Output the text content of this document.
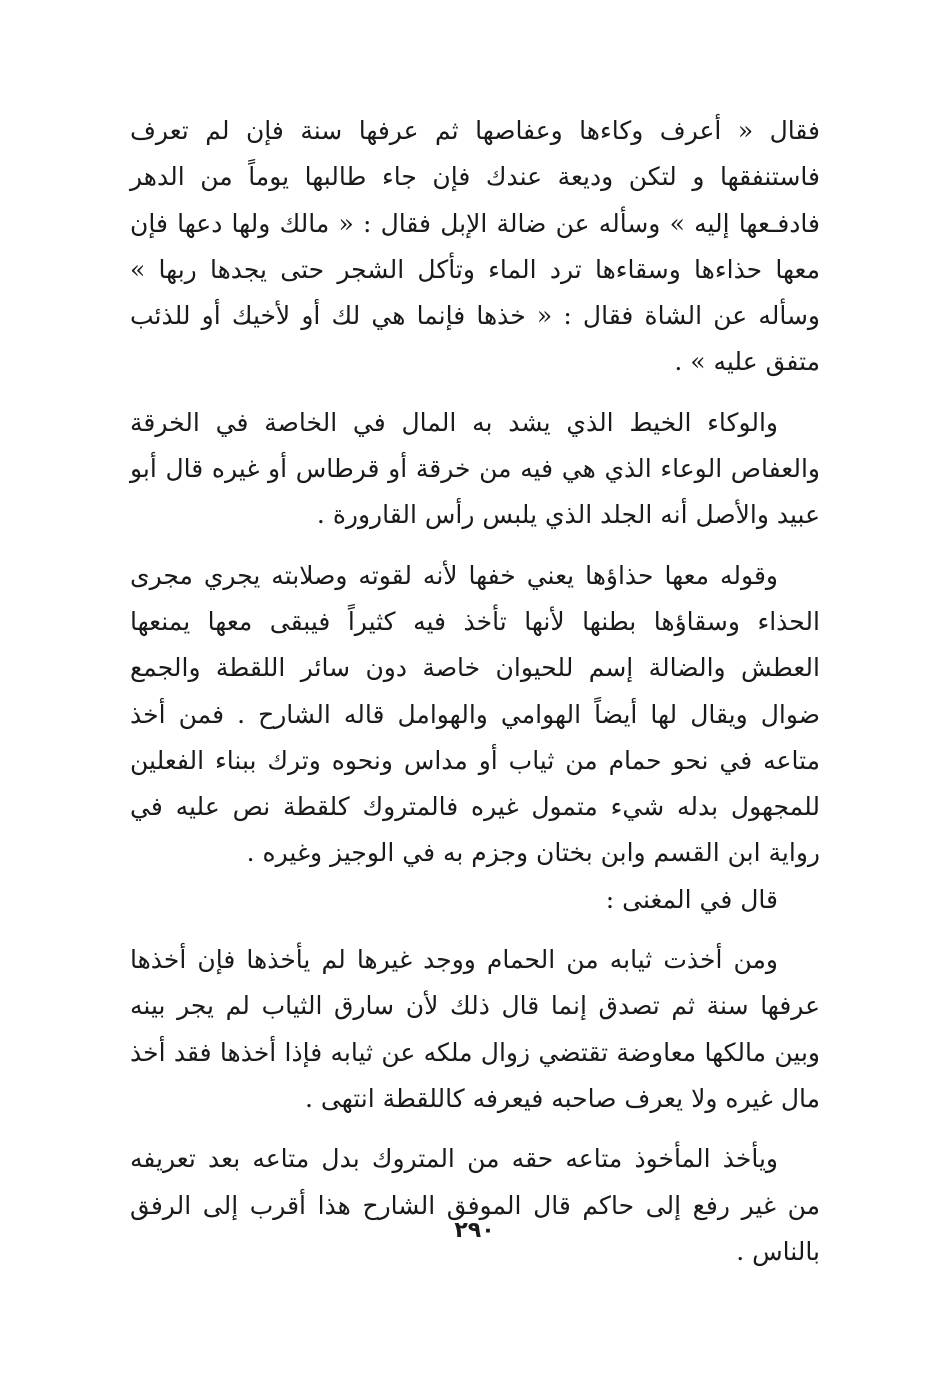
فقال « أعرف وكاءها وعفاصها ثم عرفها سنة فإن لم تعرف فاستنفقها و لتكن وديعة عندك فإن جاء طالبها يوماً من الدهر فادفـعها إليه » وسأله عن ضالة الإبل فقال : « مالك ولها دعها فإن معها حذاءها وسقاءها ترد الماء وتأكل الشجر حتى يجدها ربها » وسأله عن الشاة فقال : « خذها فإنما هي لك أو لأخيك أو للذئب متفق عليه » .

والوكاء الخيط الذي يشد به المال في الخاصة في الخرقة والعفاص الوعاء الذي هي فيه من خرقة أو قرطاس أو غيره قال أبو عبيد والأصل أنه الجلد الذي يلبس رأس القارورة .

وقوله معها حذاؤها يعني خفها لأنه لقوته وصلابته يجري مجرى الحذاء وسقاؤها بطنها لأنها تأخذ فيه كثيراً فيبقى معها يمنعها العطش والضالة إسم للحيوان خاصة دون سائر اللقطة والجمع ضوال ويقال لها أيضاً الهوامي والهوامل قاله الشارح . فمن أخذ متاعه في نحو حمام من ثياب أو مداس ونحوه وترك ببناء الفعلين للمجهول بدله شيء متمول غيره فالمتروك كلقطة نص عليه في رواية ابن القسم وابن بختان وجزم به في الوجيز وغيره .

قال في المغنى :

ومن أخذت ثيابه من الحمام ووجد غيرها لم يأخذها فإن أخذها عرفها سنة ثم تصدق إنما قال ذلك لأن سارق الثياب لم يجر بينه وبين مالكها معاوضة تقتضي زوال ملكه عن ثيابه فإذا أخذها فقد أخذ مال غيره ولا يعرف صاحبه فيعرفه كاللقطة انتهى .

ويأخذ المأخوذ متاعه حقه من المتروك بدل متاعه بعد تعريفه من غير رفع إلى حاكم قال الموفق الشارح هذا أقرب إلى الرفق بالناس .

٢٩٠
